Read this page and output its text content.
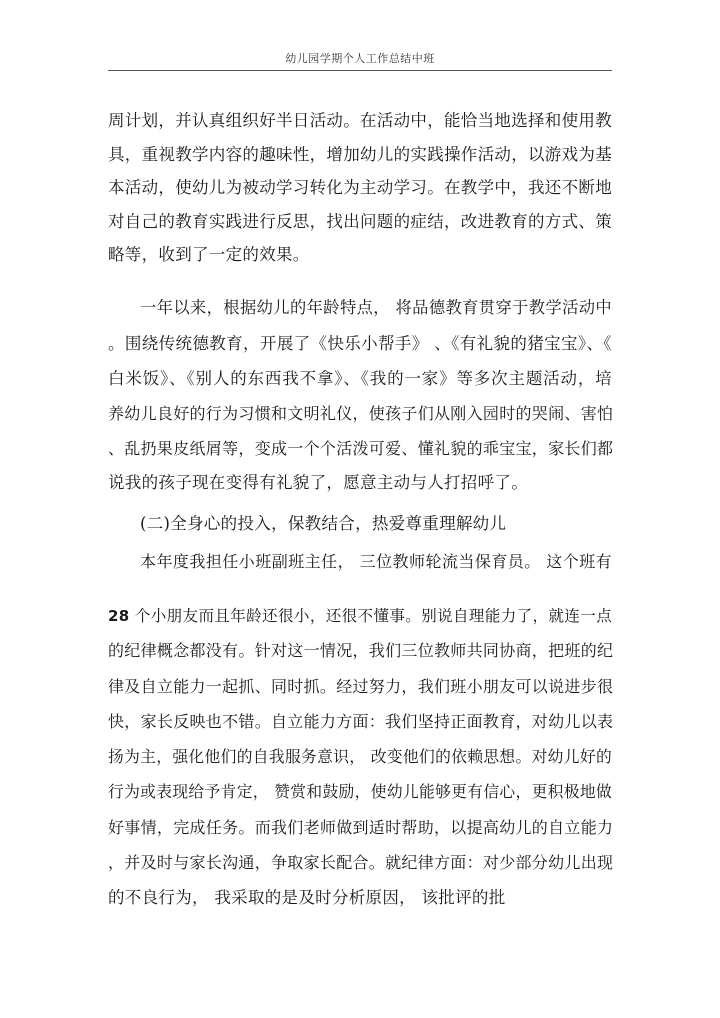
幼儿园学期个人工作总结中班
周计划，并认真组织好半日活动。在活动中，能恰当地选择和使用教
具，重视教学内容的趣味性，增加幼儿的实践操作活动，以游戏为基
本活动，使幼儿为被动学习转化为主动学习。在教学中，我还不断地
对自己的教育实践进行反思，找出问题的症结，改进教育的方式、策
略等，收到了一定的效果。
一年以来，根据幼儿的年龄特点， 将品德教育贯穿于教学活动中
。围绕传统德教育，开展了《快乐小帮手》 、《有礼貌的猪宝宝》、《
白米饭》、《别人的东西我不拿》、《我的一家》等多次主题活动，培
养幼儿良好的行为习惯和文明礼仪，使孩子们从刚入园时的哭闹、害怕
、乱扔果皮纸屑等，变成一个个活泼可爱、懂礼貌的乖宝宝，家长们都
说我的孩子现在变得有礼貌了，愿意主动与人打招呼了。
(二)全身心的投入，保教结合，热爱尊重理解幼儿
本年度我担任小班副班主任， 三位教师轮流当保育员。 这个班有
28 个小朋友而且年龄还很小，还很不懂事。别说自理能力了，就连一点
的纪律概念都没有。针对这一情况，我们三位教师共同协商，把班的纪
律及自立能力一起抓、同时抓。经过努力，我们班小朋友可以说进步很
快，家长反映也不错。自立能力方面：我们坚持正面教育，对幼儿以表
扬为主，强化他们的自我服务意识， 改变他们的依赖思想。对幼儿好的
行为或表现给予肯定， 赞赏和鼓励，使幼儿能够更有信心，更积极地做
好事情，完成任务。而我们老师做到适时帮助，以提高幼儿的自立能力
，并及时与家长沟通，争取家长配合。就纪律方面：对少部分幼儿出现
的不良行为， 我采取的是及时分析原因， 该批评的批
